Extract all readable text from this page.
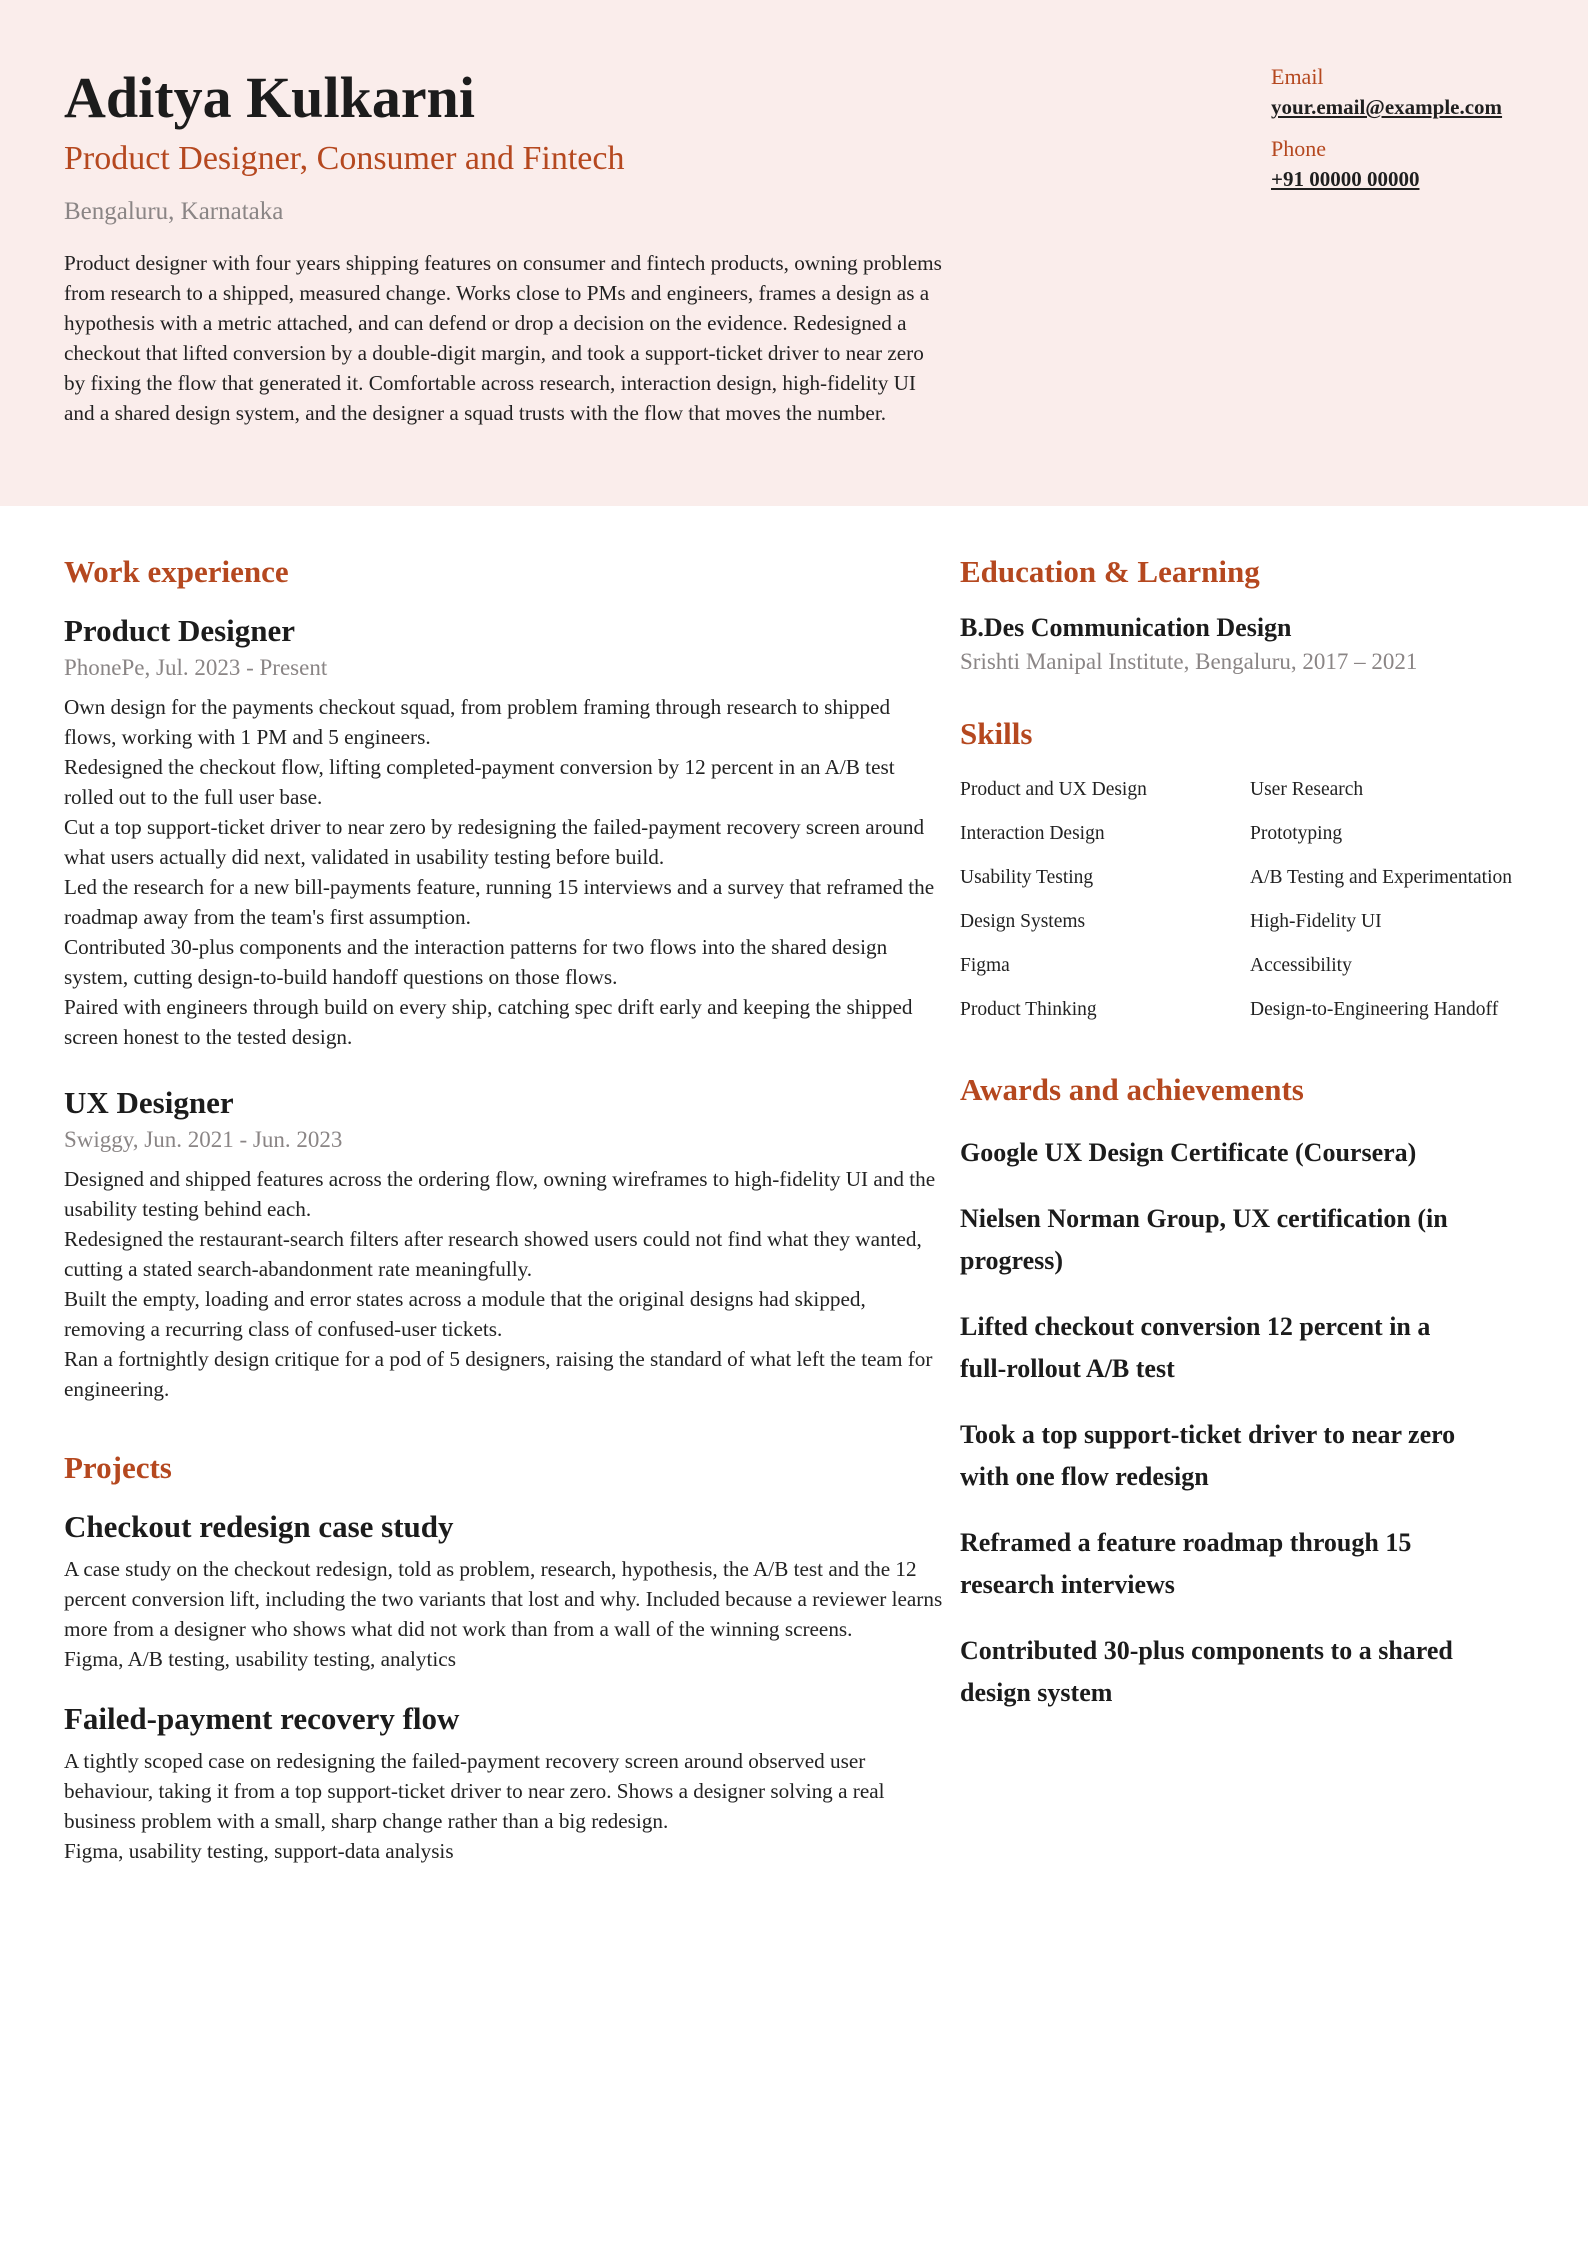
Aditya Kulkarni
Product Designer, Consumer and Fintech
Bengaluru, Karnataka
Product designer with four years shipping features on consumer and fintech products, owning problems from research to a shipped, measured change. Works close to PMs and engineers, frames a design as a hypothesis with a metric attached, and can defend or drop a decision on the evidence. Redesigned a checkout that lifted conversion by a double-digit margin, and took a support-ticket driver to near zero by fixing the flow that generated it. Comfortable across research, interaction design, high-fidelity UI and a shared design system, and the designer a squad trusts with the flow that moves the number.
Email
your.email@example.com
Phone
+91 00000 00000
Work experience
Product Designer
PhonePe, Jul. 2023 - Present
Own design for the payments checkout squad, from problem framing through research to shipped flows, working with 1 PM and 5 engineers.
Redesigned the checkout flow, lifting completed-payment conversion by 12 percent in an A/B test rolled out to the full user base.
Cut a top support-ticket driver to near zero by redesigning the failed-payment recovery screen around what users actually did next, validated in usability testing before build.
Led the research for a new bill-payments feature, running 15 interviews and a survey that reframed the roadmap away from the team's first assumption.
Contributed 30-plus components and the interaction patterns for two flows into the shared design system, cutting design-to-build handoff questions on those flows.
Paired with engineers through build on every ship, catching spec drift early and keeping the shipped screen honest to the tested design.
UX Designer
Swiggy, Jun. 2021 - Jun. 2023
Designed and shipped features across the ordering flow, owning wireframes to high-fidelity UI and the usability testing behind each.
Redesigned the restaurant-search filters after research showed users could not find what they wanted, cutting a stated search-abandonment rate meaningfully.
Built the empty, loading and error states across a module that the original designs had skipped, removing a recurring class of confused-user tickets.
Ran a fortnightly design critique for a pod of 5 designers, raising the standard of what left the team for engineering.
Projects
Checkout redesign case study
A case study on the checkout redesign, told as problem, research, hypothesis, the A/B test and the 12 percent conversion lift, including the two variants that lost and why. Included because a reviewer learns more from a designer who shows what did not work than from a wall of the winning screens.
Figma, A/B testing, usability testing, analytics
Failed-payment recovery flow
A tightly scoped case on redesigning the failed-payment recovery screen around observed user behaviour, taking it from a top support-ticket driver to near zero. Shows a designer solving a real business problem with a small, sharp change rather than a big redesign.
Figma, usability testing, support-data analysis
Education & Learning
B.Des Communication Design
Srishti Manipal Institute, Bengaluru, 2017 – 2021
Skills
Product and UX Design	User Research
Interaction Design	Prototyping
Usability Testing	A/B Testing and Experimentation
Design Systems	High-Fidelity UI
Figma	Accessibility
Product Thinking	Design-to-Engineering Handoff
Awards and achievements
Google UX Design Certificate (Coursera)
Nielsen Norman Group, UX certification (in progress)
Lifted checkout conversion 12 percent in a full-rollout A/B test
Took a top support-ticket driver to near zero with one flow redesign
Reframed a feature roadmap through 15 research interviews
Contributed 30-plus components to a shared design system
